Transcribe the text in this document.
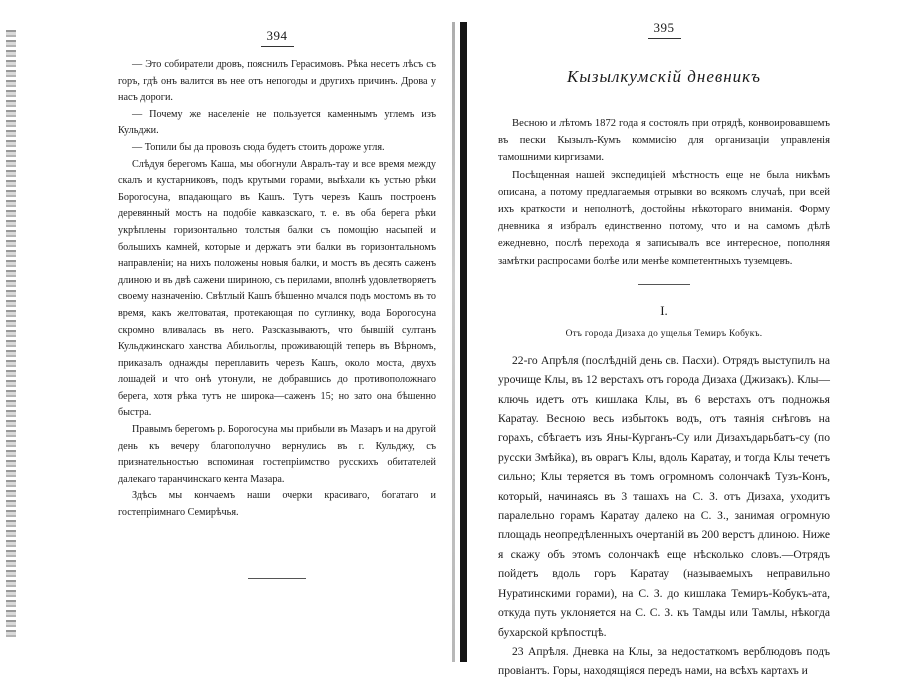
394

— Это собиратели дровъ, пояснилъ Герасимовъ. Рѣка несетъ лѣсъ съ горъ, гдѣ онъ валится въ нее отъ непогоды и другихъ причинъ. Дрова у насъ дороги.

— Почему же населеніе не пользуется каменнымъ углемъ изъ Кульджи.

— Топили бы да провозъ сюда будетъ стоить дороже угля.

Слѣдуя берегомъ Каша, мы обогнули Авралъ-тау и все время между скалъ и кустарниковъ, подъ крутыми горами, выѣхали къ устью рѣки Борогосуна, впадающаго въ Кашъ. Тутъ черезъ Кашъ построенъ деревянный мостъ на подобіе кавказскаго, т. е. въ оба берега рѣки укрѣплены горизонтально толстыя балки съ помощію насыпей и большихъ камней, которые и держатъ эти балки въ горизонтальномъ направленіи; на нихъ положены новыя балки, и мостъ въ десять саженъ длиною и въ двѣ сажени шириною, съ перилами, вполнѣ удовлетворяетъ своему назначенію. Свѣтлый Кашъ бѣшенно мчался подъ мостомъ въ то время, какъ желтоватая, протекающая по суглинку, вода Борогосуна скромно вливалась въ него. Разсказываютъ, что бывшій султанъ Кульджинскаго ханства Абильоглы, проживающій теперь въ Вѣрномъ, приказалъ однажды переплавить черезъ Кашъ, около моста, двухъ лошадей и что онѣ утонули, не добравшись до противоположнаго берега, хотя рѣка тутъ не широка—саженъ 15; но зато она бѣшенно быстра.

Правымъ берегомъ р. Борогосуна мы прибыли въ Мазаръ и на другой день къ вечеру благополучно вернулись въ г. Кульджу, съ признательностью вспоминая гостепріимство русскихъ обитателей далекаго таранчинскаго кента Мазара.

Здѣсь мы кончаемъ наши очерки красиваго, богатаго и гостепріимнаго Семирѣчья.

395
Кызылкумскій дневникъ

Весною и лѣтомъ 1872 года я состоялъ при отрядѣ, конвоировавшемъ въ пески Кызылъ-Кумъ коммисію для организаціи управленія тамошними киргизами.

Посѣщенная нашей экспедиціей мѣстность еще не была никѣмъ описана, а потому предлагаемыя отрывки во всякомъ случаѣ, при всей ихъ краткости и неполнотѣ, достойны нѣкотораго вниманія. Форму дневника я избралъ единственно потому, что и на самомъ дѣлѣ ежедневно, послѣ перехода я записывалъ все интересное, пополняя замѣтки распросами болѣе или менѣе компетентныхъ туземцевъ.

I.
Отъ города Дизаха до ущелья Темиръ Кобукъ.

22-го Апрѣля (послѣдній день св. Пасхи). Отрядъ выступилъ на урочище Клы, въ 12 верстахъ отъ города Дизаха (Джизакъ). Клы—ключь идетъ отъ кишлака Клы, въ 6 верстахъ отъ подножья Каратау. Весною весь избытокъ водъ, отъ таянія снѣговъ на горахъ, сбѣгаетъ изъ Яны-Курганъ-Су или Дизахъдарьбатъ-су (по русски Змѣйка), въ оврагъ Клы, вдоль Каратау, и тогда Клы течетъ сильно; Клы теряется въ томъ огромномъ солончакѣ Тузъ-Конъ, который, начинаясь въ 3 ташахъ на С. З. отъ Дизаха, уходитъ паралельно горамъ Каратау далеко на С. З., занимая огромную площадь неопредѣленныхъ очертаній въ 200 верстъ длиною. Ниже я скажу объ этомъ солончакѣ еще нѣсколько словъ.—Отрядъ пойдетъ вдоль горъ Каратау (называемыхъ неправильно Нуратинскими горами), на С. З. до кишлака Темиръ-Кобукъ-ата, откуда путь уклоняется на С. С. З. къ Тамды или Тамлы, нѣкогда бухарской крѣпостцѣ.

23 Апрѣля. Дневка на Клы, за недостаткомъ верблюдовъ подъ провіантъ. Горы, находящіяся передъ нами, на всѣхъ картахъ и
